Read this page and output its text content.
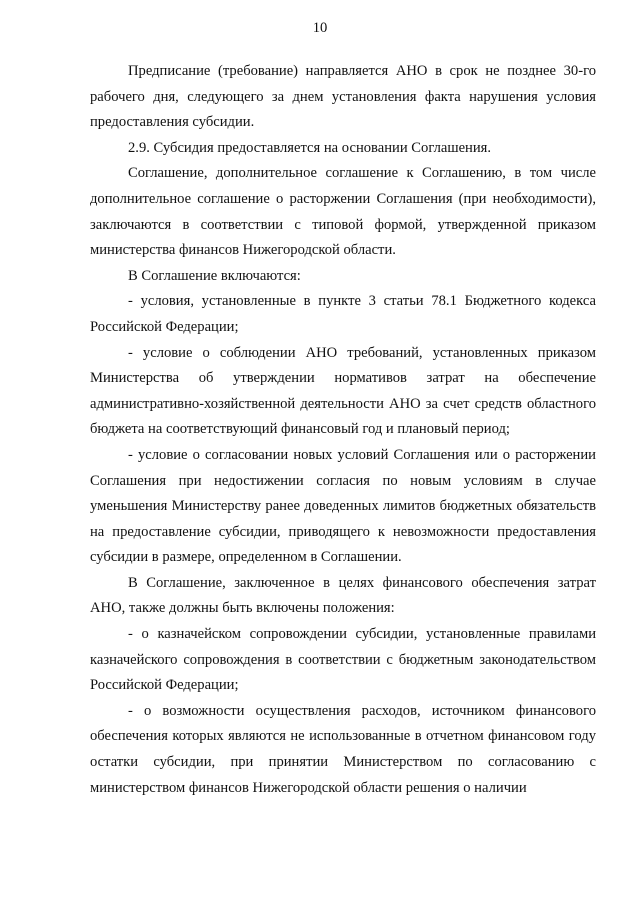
10

Предписание (требование) направляется АНО в срок не позднее 30-го рабочего дня, следующего за днем установления факта нарушения условия предоставления субсидии.

2.9. Субсидия предоставляется на основании Соглашения.

Соглашение, дополнительное соглашение к Соглашению, в том числе дополнительное соглашение о расторжении Соглашения (при необходимости), заключаются в соответствии с типовой формой, утвержденной приказом министерства финансов Нижегородской области.

В Соглашение включаются:

- условия, установленные в пункте 3 статьи 78.1 Бюджетного кодекса Российской Федерации;

- условие о соблюдении АНО требований, установленных приказом Министерства об утверждении нормативов затрат на обеспечение административно-хозяйственной деятельности АНО за счет средств областного бюджета на соответствующий финансовый год и плановый период;

- условие о согласовании новых условий Соглашения или о расторжении Соглашения при недостижении согласия по новым условиям в случае уменьшения Министерству ранее доведенных лимитов бюджетных обязательств на предоставление субсидии, приводящего к невозможности предоставления субсидии в размере, определенном в Соглашении.

В Соглашение, заключенное в целях финансового обеспечения затрат АНО, также должны быть включены положения:

- о казначейском сопровождении субсидии, установленные правилами казначейского сопровождения в соответствии с бюджетным законодательством Российской Федерации;

- о возможности осуществления расходов, источником финансового обеспечения которых являются не использованные в отчетном финансовом году остатки субсидии, при принятии Министерством по согласованию с министерством финансов Нижегородской области решения о наличии
